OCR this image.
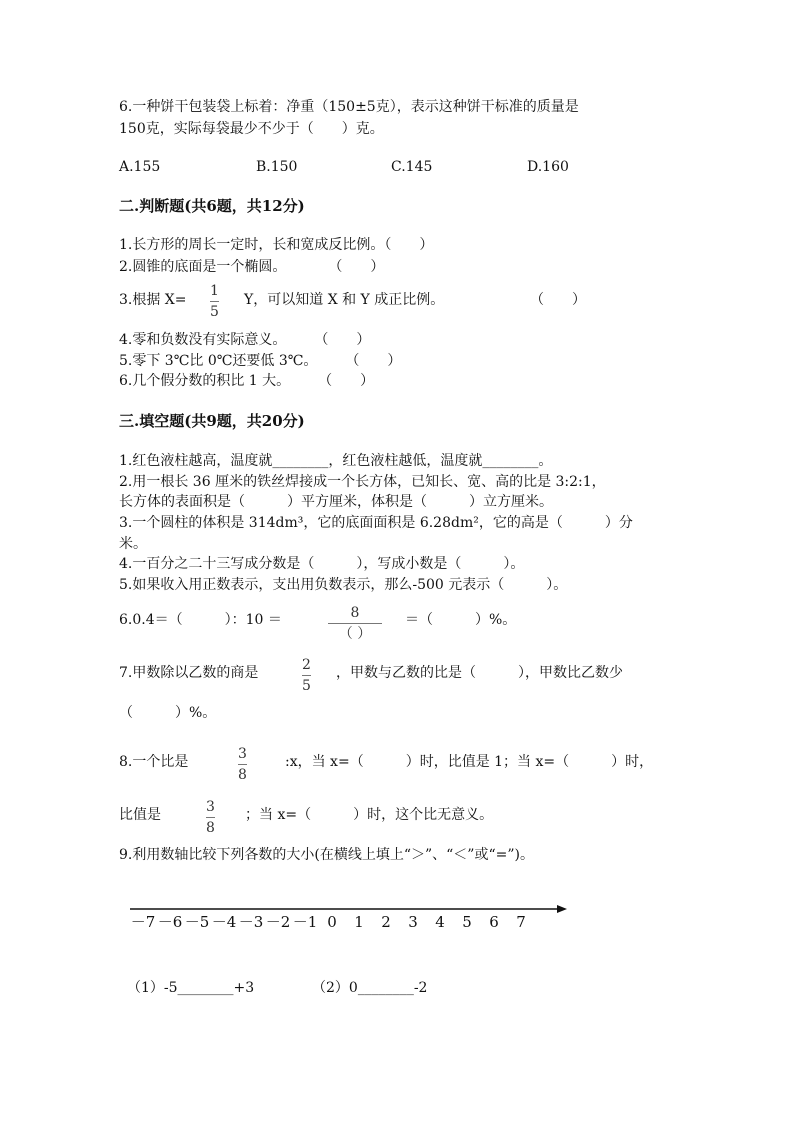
6.一种饼干包装袋上标着：净重（150±5克），表示这种饼干标准的质量是
150克，实际每袋最少不少于（　　）克。
A.155	B.150	C.145	D.160
二.判断题(共6题，共12分)
1.长方形的周长一定时，长和宽成反比例。（　　）
2.圆锥的底面是一个椭圆。　　　　（　　）
3.根据 X=
1
5
Y，可以知道 X 和 Y 成正比例。	（　　）
4.零和负数没有实际意义。　　　（　　）
5.零下 3℃比 0℃还要低 3℃。　　　（　　）
6.几个假分数的积比 1 大。　　　（　　）
三.填空题(共9题，共20分)
1.红色液柱越高，温度就________，红色液柱越低，温度就________。
2.用一根长 36 厘米的铁丝焊接成一个长方体，已知长、宽、高的比是 3:2:1，
长方体的表面积是（　　　）平方厘米，体积是（　　　）立方厘米。
3.一个圆柱的体积是 314dm³，它的底面面积是 6.28dm²，它的高是（　　　）分
米。
4.一百分之二十三写成分数是（　　　），写成小数是（　　　）。
5.如果收入用正数表示，支出用负数表示，那么-500 元表示（　　　）。
6.0.4＝（　　　）：10 ＝	8
（ ）
＝（　　　）%。
7.甲数除以乙数的商是	2
5
，甲数与乙数的比是（　　　），甲数比乙数少
（　　　）%。
8.一个比是	3
8
:x，当 x=（　　　）时，比值是 1；当 x=（　　　）时，
比值是	3
8
；当 x=（　　　）时，这个比无意义。
9.利用数轴比较下列各数的大小(在横线上填上“＞”、“＜”或“=”)。
－7 －6 －5 －4 －3 －2 －1 0 1 2 3 4 5 6 7
（1）-5________+3	（2）0________-2
